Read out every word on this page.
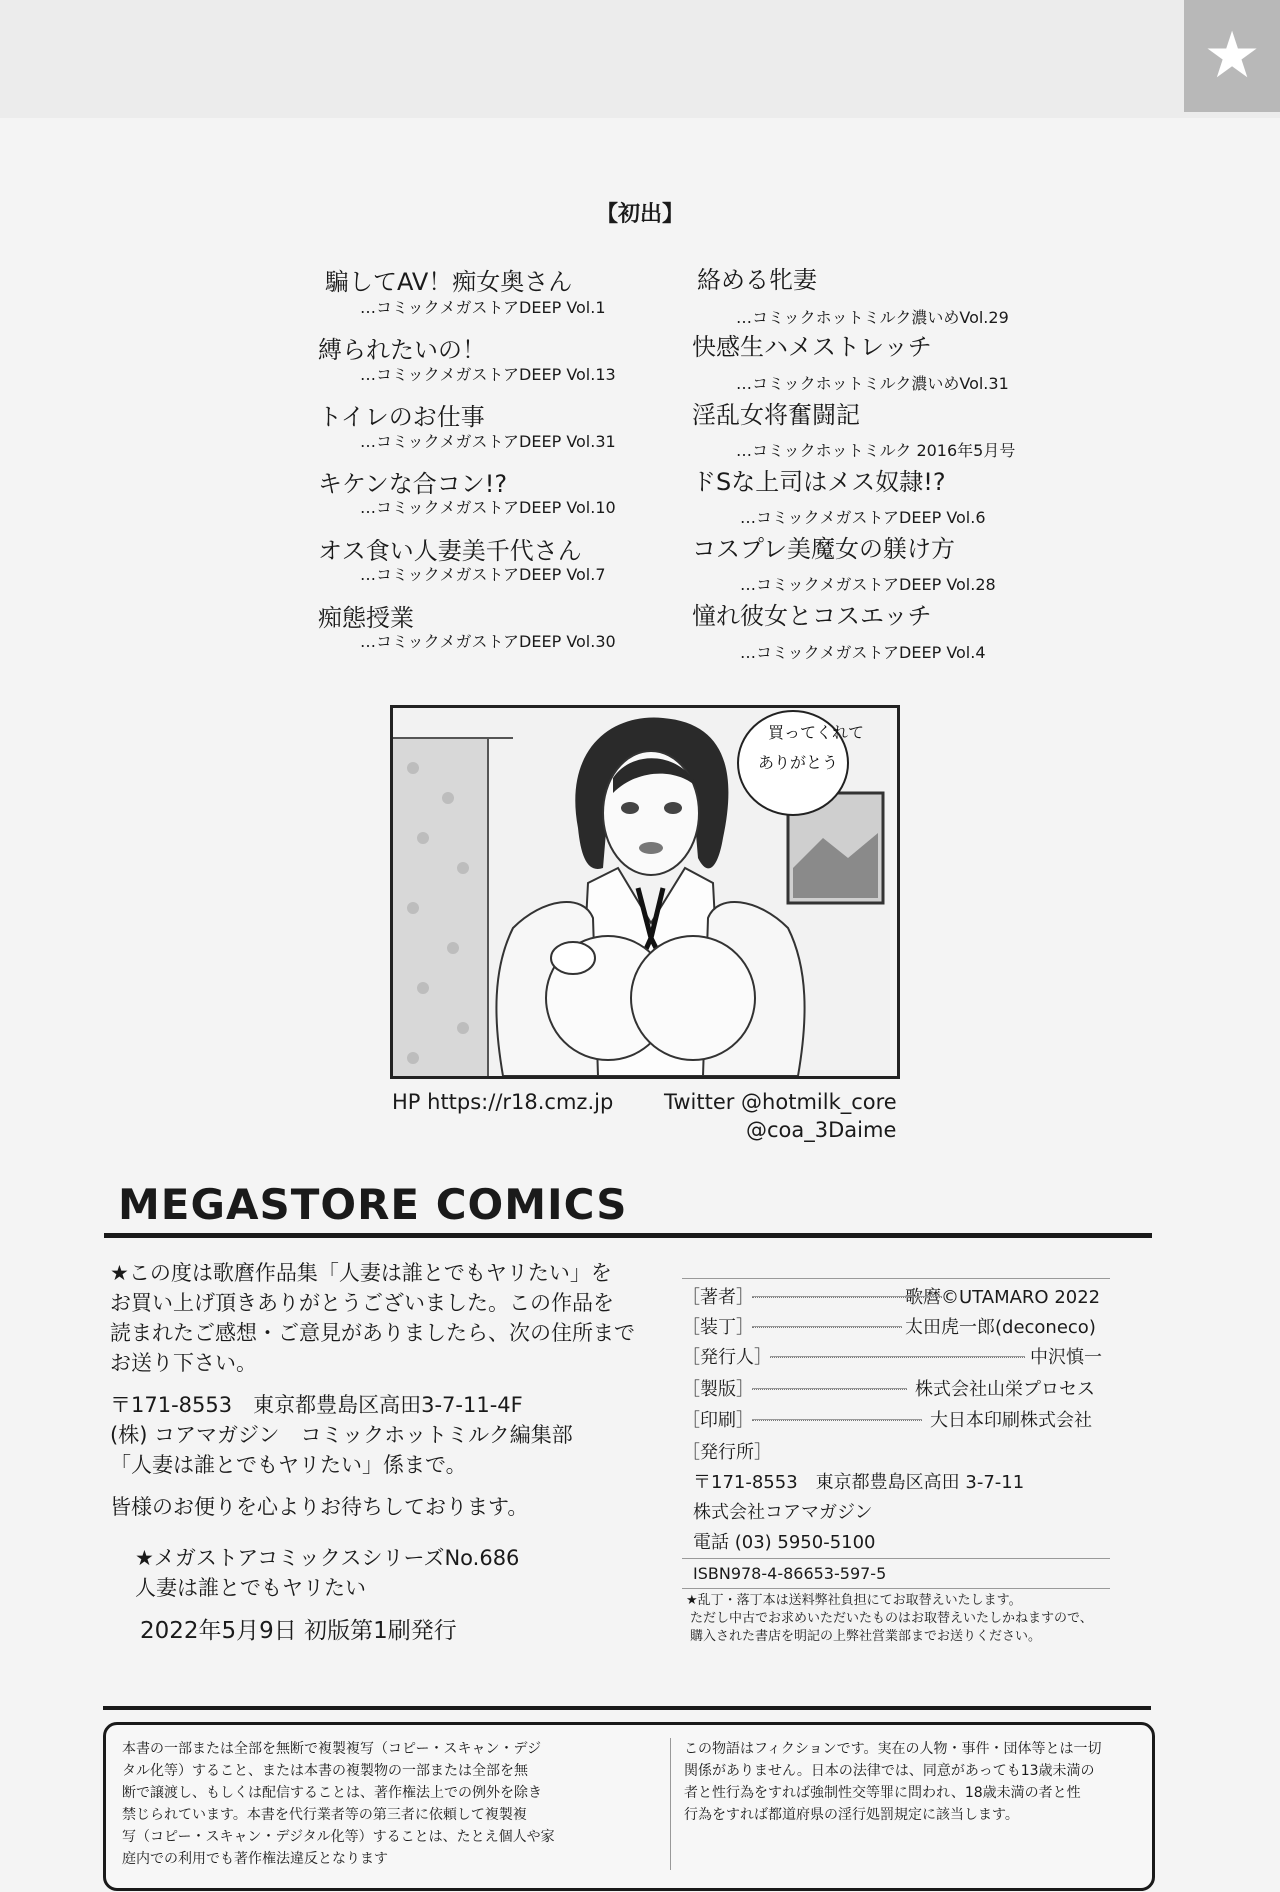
★
【初出】
騙してAV！痴女奥さん
…コミックメガストアDEEP Vol.1
縛られたいの！
…コミックメガストアDEEP Vol.13
トイレのお仕事
…コミックメガストアDEEP Vol.31
キケンな合コン!?
…コミックメガストアDEEP Vol.10
オス食い人妻美千代さん
…コミックメガストアDEEP Vol.7
痴態授業
…コミックメガストアDEEP Vol.30
絡める牝妻
…コミックホットミルク濃いめVol.29
快感生ハメストレッチ
…コミックホットミルク濃いめVol.31
淫乱女将奮闘記
…コミックホットミルク 2016年5月号
ドSな上司はメス奴隷!?
…コミックメガストアDEEP Vol.6
コスプレ美魔女の躾け方
…コミックメガストアDEEP Vol.28
憧れ彼女とコスエッチ
…コミックメガストアDEEP Vol.4
買ってくれて
ありがとう
HP https://r18.cmz.jp Twitter @hotmilk_core
@coa_3Daime
MEGASTORE COMICS
★この度は歌麿作品集「人妻は誰とでもヤリたい」を
お買い上げ頂きありがとうございました。この作品を
読まれたご感想・ご意見がありましたら、次の住所まで
お送り下さい。
〒171-8553　東京都豊島区高田3-7-11-4F
(株) コアマガジン　コミックホットミルク編集部
「人妻は誰とでもヤリたい」係まで。
皆様のお便りを心よりお待ちしております。
★メガストアコミックスシリーズNo.686
人妻は誰とでもヤリたい
2022年5月9日 初版第1刷発行
［著者］	歌麿©UTAMARO 2022
［装丁］	太田虎一郎(deconeco)
［発行人］	中沢慎一
［製版］	株式会社山栄プロセス
［印刷］	大日本印刷株式会社
［発行所］
〒171-8553　東京都豊島区高田 3-7-11
株式会社コアマガジン
電話 (03) 5950-5100
ISBN978-4-86653-597-5
★乱丁・落丁本は送料弊社負担にてお取替えいたします。
ただし中古でお求めいただいたものはお取替えいたしかねますので、
購入された書店を明記の上弊社営業部までお送りください。
本書の一部または全部を無断で複製複写（コピー・スキャン・デジ
タル化等）すること、または本書の複製物の一部または全部を無
断で譲渡し、もしくは配信することは、著作権法上での例外を除き
禁じられています。本書を代行業者等の第三者に依頼して複製複
写（コピー・スキャン・デジタル化等）することは、たとえ個人や家
庭内での利用でも著作権法違反となります
この物語はフィクションです。実在の人物・事件・団体等とは一切
関係がありません。日本の法律では、同意があっても13歳未満の
者と性行為をすれば強制性交等罪に問われ、18歳未満の者と性
行為をすれば都道府県の淫行処罰規定に該当します。
